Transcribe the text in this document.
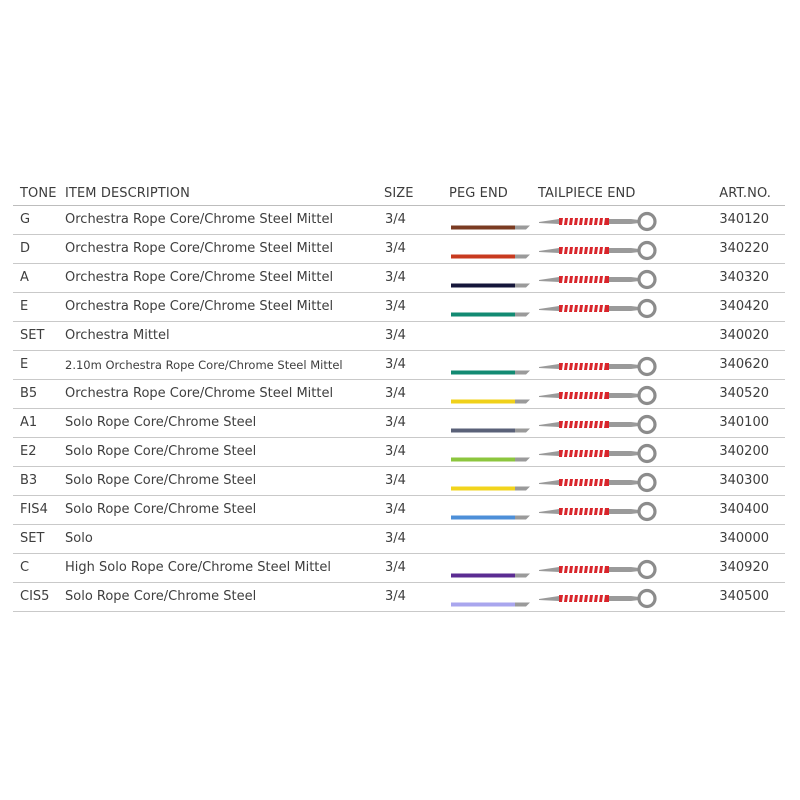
TONE ITEM DESCRIPTION	SIZE	PEG END TAILPIECE END	ART.NO.
G	Orchestra Rope Core/Chrome Steel Mittel	3/4	340120
D	Orchestra Rope Core/Chrome Steel Mittel	3/4	340220
A	Orchestra Rope Core/Chrome Steel Mittel	3/4	340320
E	Orchestra Rope Core/Chrome Steel Mittel	3/4	340420
SET Orchestra Mittel	3/4	340020
E	2.10m Orchestra Rope Core/Chrome Steel Mittel	3/4	340620
B5 Orchestra Rope Core/Chrome Steel Mittel	3/4	340520
A1 Solo Rope Core/Chrome Steel	3/4	340100
E2 Solo Rope Core/Chrome Steel	3/4	340200
B3 Solo Rope Core/Chrome Steel	3/4	340300
FIS4 Solo Rope Core/Chrome Steel	3/4	340400
SET Solo	3/4	340000
C	High Solo Rope Core/Chrome Steel Mittel	3/4	340920
CIS5 Solo Rope Core/Chrome Steel	3/4	340500
